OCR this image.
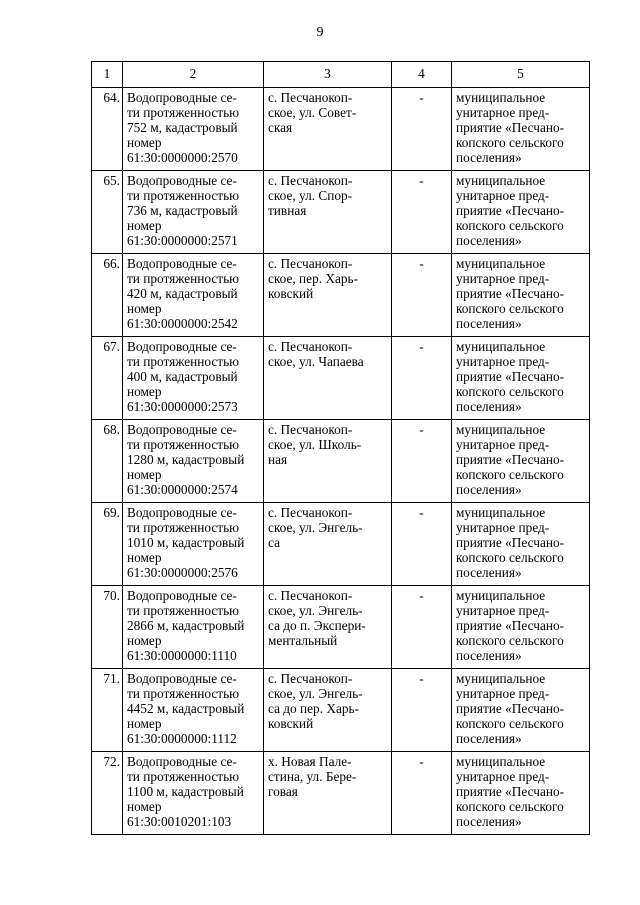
9
1	2	3	4	5
64.	Водопроводные се-
ти протяженностью
752 м, кадастровый
номер
61:30:0000000:2570	с. Песчанокоп-
ское, ул. Совет-
ская	-	муниципальное
унитарное пред-
приятие «Песчано-
копского сельского
поселения»

65.	Водопроводные се-
ти протяженностью
736 м, кадастровый
номер
61:30:0000000:2571	с. Песчанокоп-
ское, ул. Спор-
тивная	-	муниципальное
унитарное пред-
приятие «Песчано-
копского сельского
поселения»

66.	Водопроводные се-
ти протяженностью
420 м, кадастровый
номер
61:30:0000000:2542	с. Песчанокоп-
ское, пер. Харь-
ковский	-	муниципальное
унитарное пред-
приятие «Песчано-
копского сельского
поселения»

67.	Водопроводные се-
ти протяженностью
400 м, кадастровый
номер
61:30:0000000:2573	с. Песчанокоп-
ское, ул. Чапаева	-	муниципальное
унитарное пред-
приятие «Песчано-
копского сельского
поселения»

68.	Водопроводные се-
ти протяженностью
1280 м, кадастровый
номер
61:30:0000000:2574	с. Песчанокоп-
ское, ул. Школь-
ная	-	муниципальное
унитарное пред-
приятие «Песчано-
копского сельского
поселения»

69.	Водопроводные се-
ти протяженностью
1010 м, кадастровый
номер
61:30:0000000:2576	с. Песчанокоп-
ское, ул. Энгель-
са	-	муниципальное
унитарное пред-
приятие «Песчано-
копского сельского
поселения»

70.	Водопроводные се-
ти протяженностью
2866 м, кадастровый
номер
61:30:0000000:1110	с. Песчанокоп-
ское, ул. Энгель-
са до п. Экспери-
ментальный	-	муниципальное
унитарное пред-
приятие «Песчано-
копского сельского
поселения»

71.	Водопроводные се-
ти протяженностью
4452 м, кадастровый
номер
61:30:0000000:1112	с. Песчанокоп-
ское, ул. Энгель-
са до пер. Харь-
ковский	-	муниципальное
унитарное пред-
приятие «Песчано-
копского сельского
поселения»

72.	Водопроводные се-
ти протяженностью
1100 м, кадастровый
номер
61:30:0010201:103	х. Новая Пале-
стина, ул. Бере-
говая	-	муниципальное
унитарное пред-
приятие «Песчано-
копского сельского
поселения»
